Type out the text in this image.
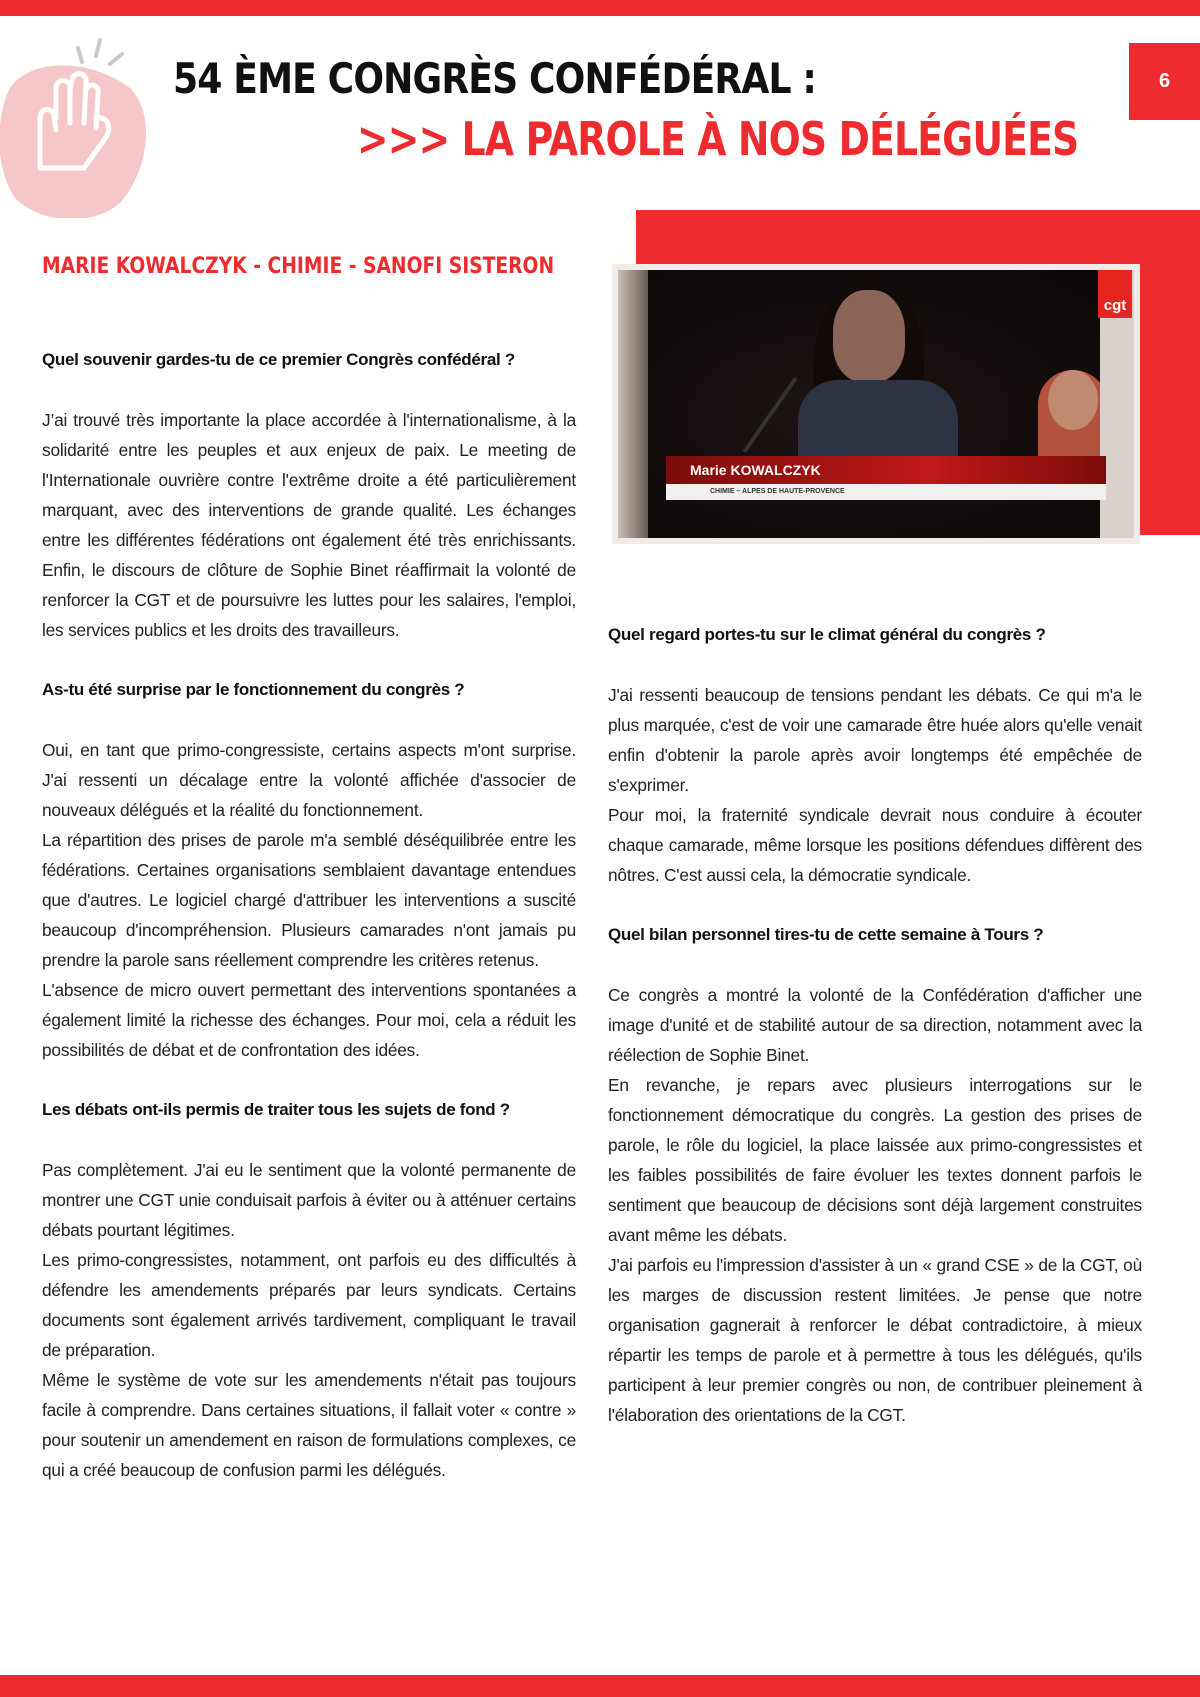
54 ÈME CONGRÈS CONFÉDÉRAL :
>>> LA PAROLE À NOS DÉLÉGUÉES
6
cgt
Marie KOWALCZYK
CHIMIE – ALPES DE HAUTE-PROVENCE
MARIE KOWALCZYK - CHIMIE - SANOFI SISTERON

Quel souvenir gardes-tu de ce premier Congrès confédéral ?

J’ai trouvé très importante la place accordée à l'internationalisme, à la solidarité entre les peuples et aux enjeux de paix. Le meeting de l'Internationale ouvrière contre l'extrême droite a été particulièrement marquant, avec des interventions de grande qualité. Les échanges entre les différentes fédérations ont également été très enrichissants. Enfin, le discours de clôture de Sophie Binet réaffirmait la volonté de renforcer la CGT et de poursuivre les luttes pour les salaires, l'emploi, les services publics et les droits des travailleurs.

As-tu été surprise par le fonctionnement du congrès ?

Oui, en tant que primo-congressiste, certains aspects m'ont surprise. J'ai ressenti un décalage entre la volonté affichée d'associer de nouveaux délégués et la réalité du fonctionnement.

La répartition des prises de parole m'a semblé déséquilibrée entre les fédérations. Certaines organisations semblaient davantage entendues que d'autres. Le logiciel chargé d'attribuer les interventions a suscité beaucoup d'incompréhension. Plusieurs camarades n'ont jamais pu prendre la parole sans réellement comprendre les critères retenus.

L'absence de micro ouvert permettant des interventions spontanées a également limité la richesse des échanges. Pour moi, cela a réduit les possibilités de débat et de confrontation des idées.

Les débats ont-ils permis de traiter tous les sujets de fond ?

Pas complètement. J'ai eu le sentiment que la volonté permanente de montrer une CGT unie conduisait parfois à éviter ou à atténuer certains débats pourtant légitimes.

Les primo-congressistes, notamment, ont parfois eu des difficultés à défendre les amendements préparés par leurs syndicats. Certains documents sont également arrivés tardivement, compliquant le travail de préparation.

Même le système de vote sur les amendements n'était pas toujours facile à comprendre. Dans certaines situations, il fallait voter « contre » pour soutenir un amendement en raison de formulations complexes, ce qui a créé beaucoup de confusion parmi les délégués.

Quel regard portes-tu sur le climat général du congrès ?

J'ai ressenti beaucoup de tensions pendant les débats. Ce qui m'a le plus marquée, c'est de voir une camarade être huée alors qu'elle venait enfin d'obtenir la parole après avoir longtemps été empêchée de s'exprimer.

Pour moi, la fraternité syndicale devrait nous conduire à écouter chaque camarade, même lorsque les positions défendues diffèrent des nôtres. C'est aussi cela, la démocratie syndicale.

Quel bilan personnel tires-tu de cette semaine à Tours ?

Ce congrès a montré la volonté de la Confédération d'afficher une image d'unité et de stabilité autour de sa direction, notamment avec la réélection de Sophie Binet.

En revanche, je repars avec plusieurs interrogations sur le fonctionnement démocratique du congrès. La gestion des prises de parole, le rôle du logiciel, la place laissée aux primo-congressistes et les faibles possibilités de faire évoluer les textes donnent parfois le sentiment que beaucoup de décisions sont déjà largement construites avant même les débats.

J'ai parfois eu l'impression d'assister à un « grand CSE » de la CGT, où les marges de discussion restent limitées. Je pense que notre organisation gagnerait à renforcer le débat contradictoire, à mieux répartir les temps de parole et à permettre à tous les délégués, qu'ils participent à leur premier congrès ou non, de contribuer pleinement à l'élaboration des orientations de la CGT.
